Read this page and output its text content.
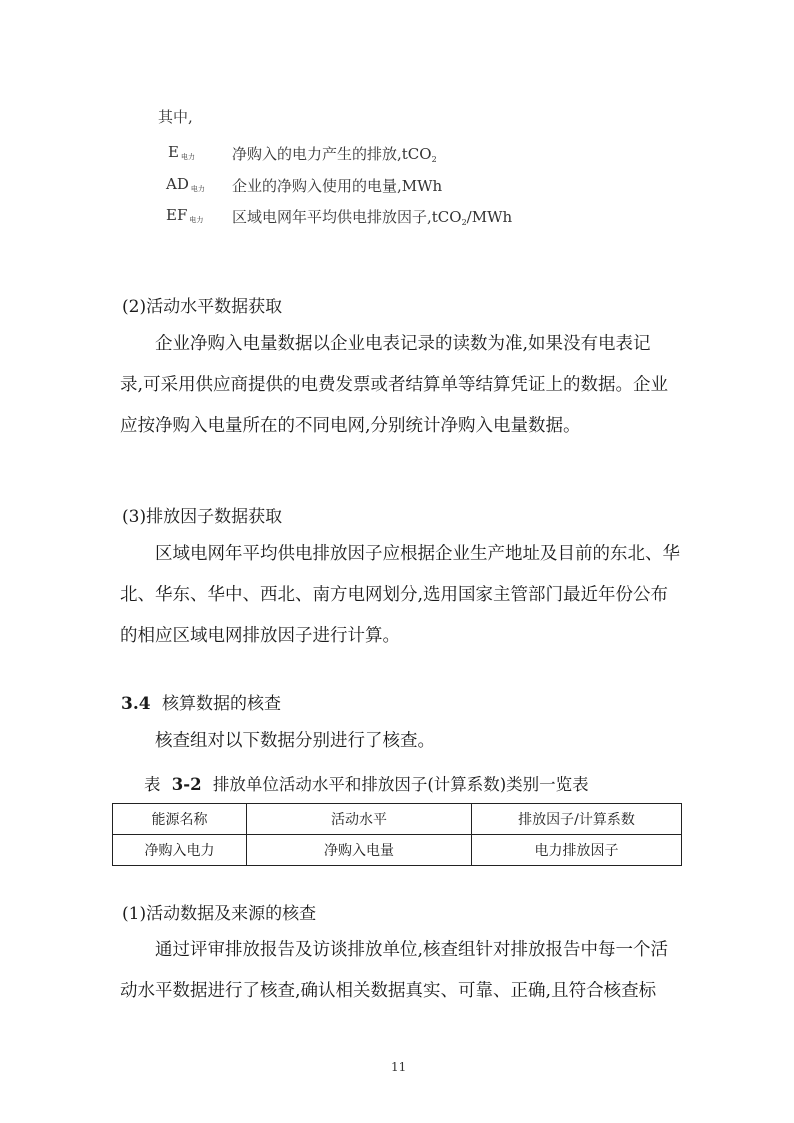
其中,
E $_{电力}$ 净购入的电力产生的排放,tCO$_2$
AD $_{电力}$ 企业的净购入使用的电量,MWh
EF $_{电力}$ 区域电网年平均供电排放因子,tCO$_2$/MWh
(2)活动水平数据获取
企业净购入电量数据以企业电表记录的读数为准,如果没有电表记
录,可采用供应商提供的电费发票或者结算单等结算凭证上的数据。企业
应按净购入电量所在的不同电网,分别统计净购入电量数据。
(3)排放因子数据获取
区域电网年平均供电排放因子应根据企业生产地址及目前的东北、华
北、华东、华中、西北、南方电网划分,选用国家主管部门最近年份公布
的相应区域电网排放因子进行计算。
3.4 核算数据的核查
核查组对以下数据分别进行了核查。
表 3-2 排放单位活动水平和排放因子(计算系数)类别一览表
能源名称	活动水平	排放因子/计算系数
净购入电力	净购入电量	电力排放因子
(1)活动数据及来源的核查
通过评审排放报告及访谈排放单位,核查组针对排放报告中每一个活
动水平数据进行了核查,确认相关数据真实、可靠、正确,且符合核查标
11
